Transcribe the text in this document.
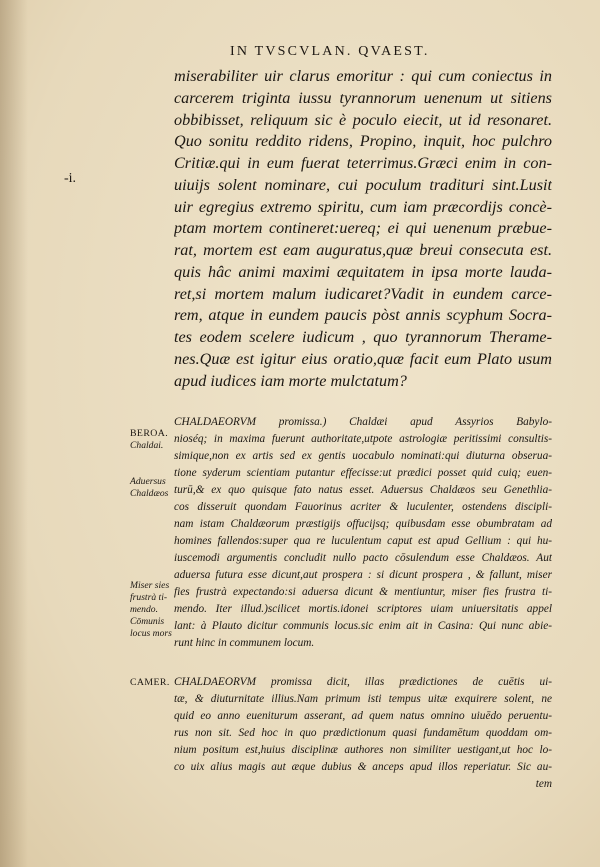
IN TVSCVLAN. QVAEST.
-i.
miserabiliter uir clarus emoritur : qui cum coniectus in
carcerem triginta iussu tyrannorum uenenum ut sitiens
obbibisset, reliquum sic è poculo eiecit, ut id resonaret.
Quo sonitu reddito ridens, Propino, inquit, hoc pulchro
Critiæ.qui in eum fuerat teterrimus.Græci enim in con-
uiuijs solent nominare, cui poculum tradituri sint.Lusit
uir egregius extremo spiritu, cum iam præcordijs concè-
ptam mortem contineret:uereq; ei qui uenenum præbue-
rat, mortem est eam auguratus,quæ breui consecuta est.
quis hâc animi maximi æquitatem in ipsa morte lauda-
ret,si mortem malum iudicaret?Vadit in eundem carce-
rem, atque in eundem paucis pòst annis scyphum Socra-
tes eodem scelere iudicum , quo tyrannorum Therame-
nes.Quæ est igitur eius oratio,quæ facit eum Plato usum
apud iudices iam morte mulctatum?
CHALDAEORVM promissa.) Chaldæi apud Assyrios Babylo-
nioséq; in maxima fuerunt authoritate,utpote astrologiæ peritissimi consultis-
simique,non ex artis sed ex gentis uocabulo nominati:qui diuturna obserua-
tione syderum scientiam putantur effecisse:ut prædici posset quid cuiq; euen-
turū,& ex quo quisque fato natus esset. Aduersus Chaldæos seu Genethlia-
cos disseruit quondam Fauorinus acriter & luculenter, ostendens discipli-
nam istam Chaldæorum præstigijs offucijsq; quibusdam esse obumbratam ad
homines fallendos:super qua re luculentum caput est apud Gellium : qui hu-
iuscemodi argumentis concludit nullo pacto cōsulendum esse Chaldæos. Aut
aduersa futura esse dicunt,aut prospera : si dicunt prospera , & fallunt, miser
fies frustrà expectando:si aduersa dicunt & mentiuntur, miser fies frustra ti-
mendo. Iter illud.)scilicet mortis.idonei scriptores uiam uniuersitatis appel
lant: à Plauto dicitur communis locus.sic enim ait in Casina: Qui nunc abie-
runt hinc in communem locum.
CHALDAEORVM promissa dicit, illas prædictiones de cuētis ui-
tæ, & diuturnitate illius.Nam primum isti tempus uitæ exquirere solent, ne
quid eo anno eueniturum asserant, ad quem natus omnino uiuēdo peruentu-
rus non sit. Sed hoc in quo prædictionum quasi fundamētum quoddam om-
nium positum est,huius disciplinæ authores non similiter uestigant,ut hoc lo-
co uix alius magis aut æque dubius & anceps apud illos reperiatur. Sic au-
tem
BEROA.
Chaldai.
Aduersus
Chaldæos
Miser sies
frustrà ti-
mendo.
Cōmunis
locus mors
CAMER.
